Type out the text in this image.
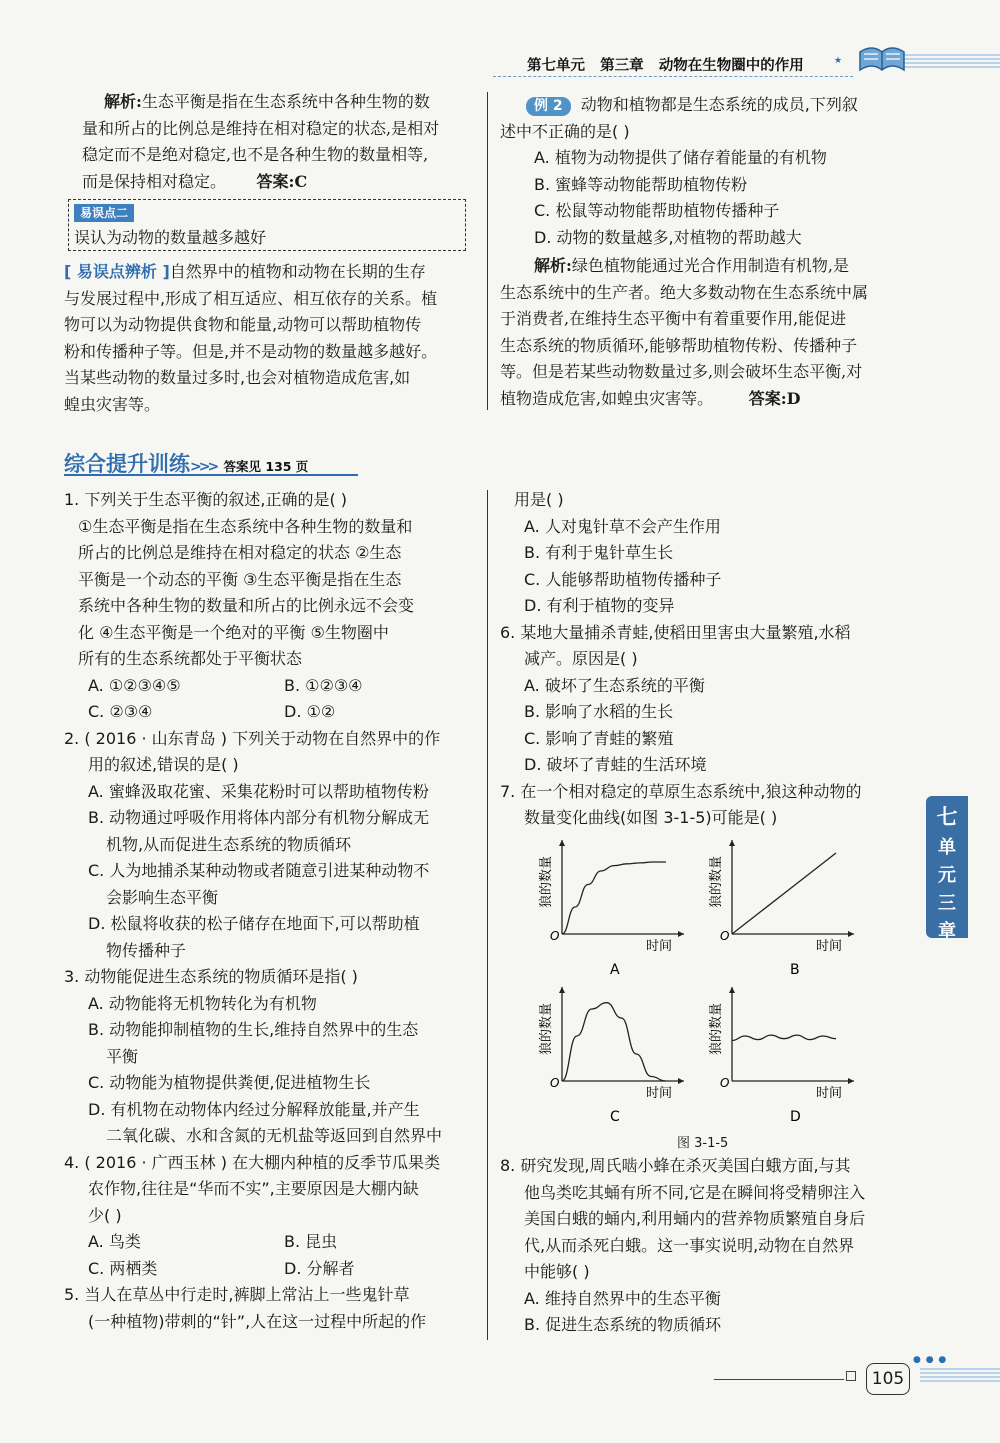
第七单元 第三章 动物在生物圈中的作用	★
七
单
元
三
章
解析:生态平衡是指在生态系统中各种生物的数
量和所占的比例总是维持在相对稳定的状态,是相对
稳定而不是绝对稳定,也不是各种生物的数量相等,
而是保持相对稳定。 答案:C
易误点二
误认为动物的数量越多越好
[ 易误点辨析 ]自然界中的植物和动物在长期的生存
与发展过程中,形成了相互适应、相互依存的关系。植
物可以为动物提供食物和能量,动物可以帮助植物传
粉和传播种子等。但是,并不是动物的数量越多越好。
当某些动物的数量过多时,也会对植物造成危害,如
蝗虫灾害等。
例 2 动物和植物都是生态系统的成员,下列叙
述中不正确的是( )
A. 植物为动物提供了储存着能量的有机物
B. 蜜蜂等动物能帮助植物传粉
C. 松鼠等动物能帮助植物传播种子
D. 动物的数量越多,对植物的帮助越大
解析:绿色植物能通过光合作用制造有机物,是
生态系统中的生产者。绝大多数动物在生态系统中属
于消费者,在维持生态平衡中有着重要作用,能促进
生态系统的物质循环,能够帮助植物传粉、传播种子
等。但是若某些动物数量过多,则会破坏生态平衡,对
植物造成危害,如蝗虫灾害等。 答案:D
综合提升训练>>> 答案见 135 页
1. 下列关于生态平衡的叙述,正确的是( )
①生态平衡是指在生态系统中各种生物的数量和
所占的比例总是维持在相对稳定的状态 ②生态
平衡是一个动态的平衡 ③生态平衡是指在生态
系统中各种生物的数量和所占的比例永远不会变
化 ④生态平衡是一个绝对的平衡 ⑤生物圈中
所有的生态系统都处于平衡状态
A. ①②③④⑤	B. ①②③④
C. ②③④	D. ①②
2. ( 2016 · 山东青岛 ) 下列关于动物在自然界中的作
用的叙述,错误的是( )
A. 蜜蜂汲取花蜜、采集花粉时可以帮助植物传粉
B. 动物通过呼吸作用将体内部分有机物分解成无
机物,从而促进生态系统的物质循环
C. 人为地捕杀某种动物或者随意引进某种动物不
会影响生态平衡
D. 松鼠将收获的松子储存在地面下,可以帮助植
物传播种子
3. 动物能促进生态系统的物质循环是指( )
A. 动物能将无机物转化为有机物
B. 动物能抑制植物的生长,维持自然界中的生态
平衡
C. 动物能为植物提供粪便,促进植物生长
D. 有机物在动物体内经过分解释放能量,并产生
二氧化碳、水和含氮的无机盐等返回到自然界中
4. ( 2016 · 广西玉林 ) 在大棚内种植的反季节瓜果类
农作物,往往是“华而不实”,主要原因是大棚内缺
少( )
A. 鸟类	B. 昆虫
C. 两栖类	D. 分解者
5. 当人在草丛中行走时,裤脚上常沾上一些鬼针草
(一种植物)带刺的“针”,人在这一过程中所起的作
用是( )
A. 人对鬼针草不会产生作用
B. 有利于鬼针草生长
C. 人能够帮助植物传播种子
D. 有利于植物的变异
6. 某地大量捕杀青蛙,使稻田里害虫大量繁殖,水稻
减产。原因是( )
A. 破坏了生态系统的平衡
B. 影响了水稻的生长
C. 影响了青蛙的繁殖
D. 破坏了青蛙的生活环境
7. 在一个相对稳定的草原生态系统中,狼这种动物的
数量变化曲线(如图 3-1-5)可能是( )
O
时间
狼的数量
A
O
时间
狼的数量
B
O
时间
狼的数量
C
O
时间
狼的数量
D
图 3-1-5
8. 研究发现,周氏啮小蜂在杀灭美国白蛾方面,与其
他鸟类吃其蛹有所不同,它是在瞬间将受精卵注入
美国白蛾的蛹内,利用蛹内的营养物质繁殖自身后
代,从而杀死白蛾。这一事实说明,动物在自然界
中能够( )
A. 维持自然界中的生态平衡
B. 促进生态系统的物质循环
105
● ● ●
